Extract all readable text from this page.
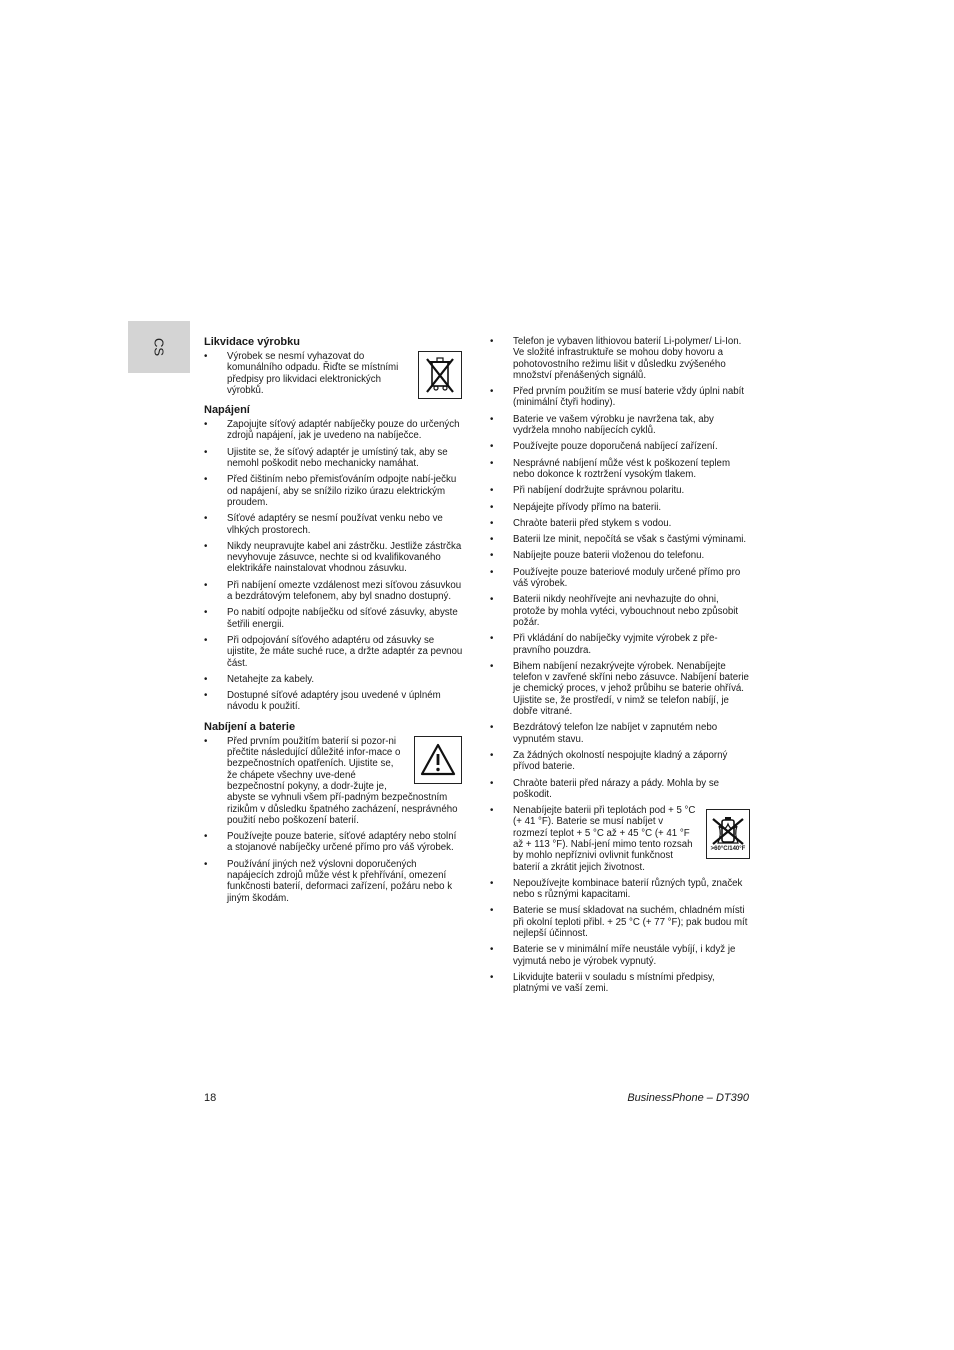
CS	Likvidace výrobku
• Výrobek se nesmí vyhazovat do komunálního odpadu. Řiďte se místními předpisy pro likvidaci elektronických výrobků.
Napájení
• Zapojujte síťový adaptér nabíječky pouze do určených zdrojů napájení, jak je uvedeno na nabíječce.
• Ujistite se, že síťový adaptér je umístiný tak, aby se nemohl poškodit nebo mechanicky namáhat.
• Před čištiním nebo přemisťováním odpojte nabí-ječku od napájení, aby se snížilo riziko úrazu elektrickým proudem.
• Síťové adaptéry se nesmí používat venku nebo ve vlhkých prostorech.
• Nikdy neupravujte kabel ani zástrčku. Jestliže zástrčka nevyhovuje zásuvce, nechte si od kvalifikovaného elektrikáře nainstalovat vhodnou zásuvku.
• Při nabíjení omezte vzdálenost mezi síťovou zásuvkou a bezdrátovým telefonem, aby byl snadno dostupný.
• Po nabití odpojte nabíječku od síťové zásuvky, abyste šetřili energii.
• Při odpojování síťového adaptéru od zásuvky se ujistite, že máte suché ruce, a držte adaptér za pevnou část.
• Netahejte za kabely.
• Dostupné síťové adaptéry jsou uvedené v úplném návodu k použití.
Nabíjení a baterie
• Před prvním použitím baterií si pozor-ni přečtite následující důležité infor-mace o bezpečnostních opatřeních. Ujistite se, že chápete všechny uve-dené bezpečnostní pokyny, a dodr-žujte je, abyste se vyhnuli všem pří-padným bezpečnostním rizikům v důsledku špatného zacházení, nesprávného použití nebo poškození baterií.
• Používejte pouze baterie, síťové adaptéry nebo stolní a stojanové nabíječky určené přímo pro váš výrobek.
• Používání jiných než výslovni doporučených napájecích zdrojů může vést k přehřívání, omezení funkčnosti baterií, deformaci zařízení, požáru nebo k jiným škodám.
• Telefon je vybaven lithiovou baterií Li-polymer/ Li-Ion. Ve složité infrastruktuře se mohou doby hovoru a pohotovostního režimu lišit v důsledku zvýšeného množství přenášených signálů.
• Před prvním použitím se musí baterie vždy úplni nabít (minimální čtyři hodiny).
• Baterie ve vašem výrobku je navržena tak, aby vydržela mnoho nabíjecích cyklů.
• Používejte pouze doporučená nabíjecí zařízení.
• Nesprávné nabíjení může vést k poškození teplem nebo dokonce k roztržení vysokým tlakem.
• Při nabíjení dodržujte správnou polaritu.
• Nepájejte přívody přímo na baterii.
• Chraòte baterii před stykem s vodou.
• Baterii lze minit, nepočítá se však s častými výminami.
• Nabíjejte pouze baterii vloženou do telefonu.
• Používejte pouze bateriové moduly určené přímo pro váš výrobek.
• Baterii nikdy neohřívejte ani nevhazujte do ohni, protože by mohla vytéci, vybouchnout nebo způsobit požár.
• Při vkládání do nabíječky vyjmite výrobek z pře-pravního pouzdra.
• Bihem nabíjení nezakrývejte výrobek. Nenabíjejte telefon v zavřené skříni nebo zásuvce. Nabíjení baterie je chemický proces, v jehož průbihu se baterie ohřívá. Ujistite se, že prostředí, v nimž se telefon nabíjí, je dobře vitrané.
• Bezdrátový telefon lze nabíjet v zapnutém nebo vypnutém stavu.
• Za žádných okolností nespojujte kladný a záporný přívod baterie.
• Chraòte baterii před nárazy a pády. Mohla by se poškodit.
•
>60°C/140°F
Nenabíjejte baterii při teplotách pod + 5 °C (+ 41 °F). Baterie se musí nabíjet v rozmezí teplot + 5 °C až + 45 °C (+ 41 °F až + 113 °F). Nabí-jení mimo tento rozsah by mohlo nepříznivi ovlivnit funkčnost baterií a zkrátit jejich životnost.
• Nepoužívejte kombinace baterií různých typů, značek nebo s různými kapacitami.
• Baterie se musí skladovat na suchém, chladném místi při okolní teploti přibl. + 25 °C (+ 77 °F); pak budou mít nejlepší účinnost.
• Baterie se v minimální míře neustále vybíjí, i když je vyjmutá nebo je výrobek vypnutý.
• Likvidujte baterii v souladu s místními předpisy, platnými ve vaší zemi.
18	BusinessPhone – DT390
